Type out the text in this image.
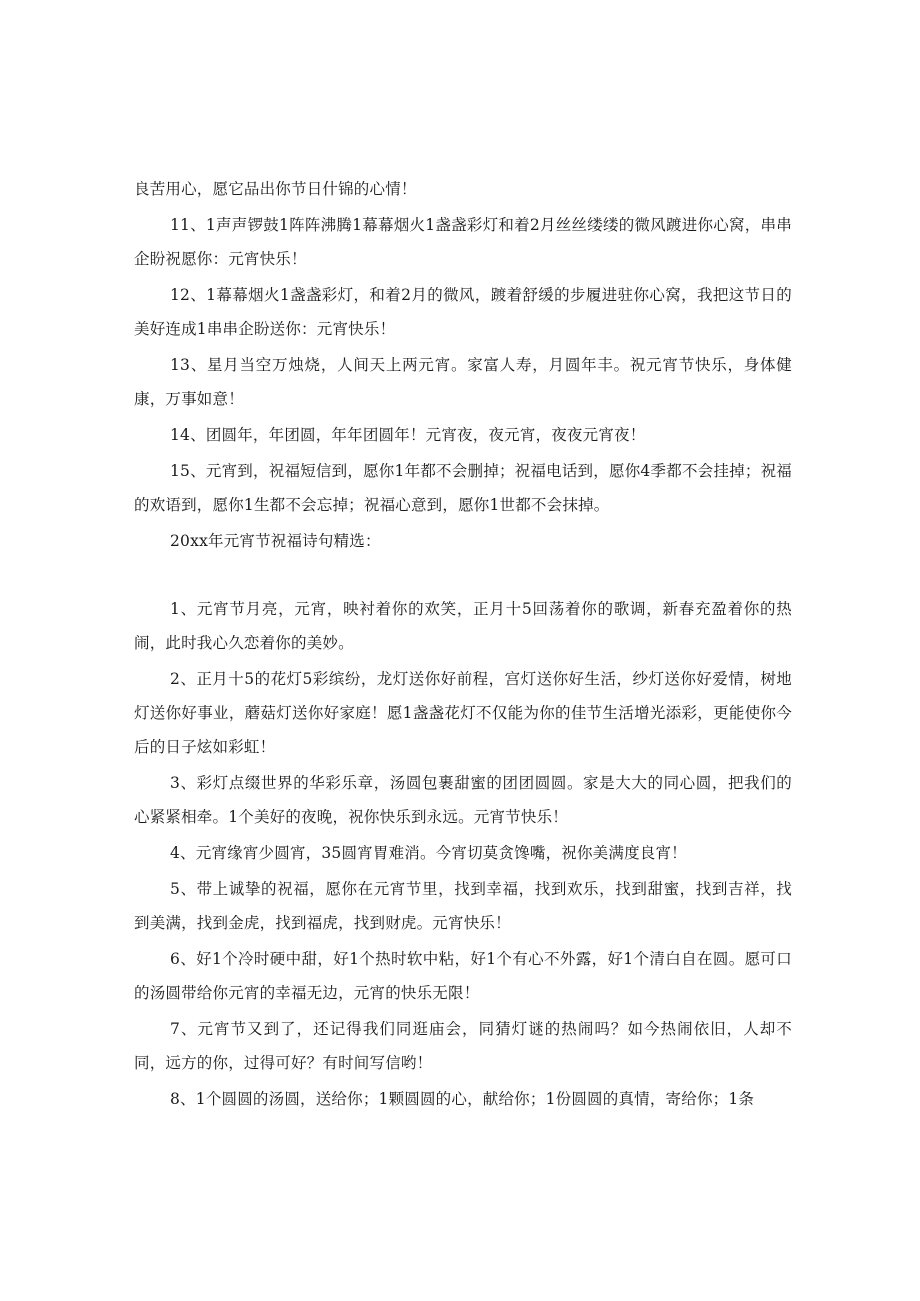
良苦用心，愿它品出你节日什锦的心情！

11、1声声锣鼓1阵阵沸腾1幕幕烟火1盏盏彩灯和着2月丝丝缕缕的微风踱进你心窝，串串企盼祝愿你：元宵快乐！

12、1幕幕烟火1盏盏彩灯，和着2月的微风，踱着舒缓的步履进驻你心窝，我把这节日的美好连成1串串企盼送你：元宵快乐！

13、星月当空万烛烧，人间天上两元宵。家富人寿，月圆年丰。祝元宵节快乐，身体健康，万事如意！

14、团圆年，年团圆，年年团圆年！元宵夜，夜元宵，夜夜元宵夜！

15、元宵到，祝福短信到，愿你1年都不会删掉；祝福电话到，愿你4季都不会挂掉；祝福的欢语到，愿你1生都不会忘掉；祝福心意到，愿你1世都不会抹掉。

20xx年元宵节祝福诗句精选：

1、元宵节月亮，元宵，映衬着你的欢笑，正月十5回荡着你的歌调，新春充盈着你的热闹，此时我心久恋着你的美妙。

2、正月十5的花灯5彩缤纷，龙灯送你好前程，宫灯送你好生活，纱灯送你好爱情，树地灯送你好事业，蘑菇灯送你好家庭！愿1盏盏花灯不仅能为你的佳节生活增光添彩，更能使你今后的日子炫如彩虹！

3、彩灯点缀世界的华彩乐章，汤圆包裹甜蜜的团团圆圆。家是大大的同心圆，把我们的心紧紧相牵。1个美好的夜晚，祝你快乐到永远。元宵节快乐！

4、元宵缘宵少圆宵，35圆宵胃难消。今宵切莫贪馋嘴，祝你美满度良宵！

5、带上诚挚的祝福，愿你在元宵节里，找到幸福，找到欢乐，找到甜蜜，找到吉祥，找到美满，找到金虎，找到福虎，找到财虎。元宵快乐！

6、好1个冷时硬中甜，好1个热时软中粘，好1个有心不外露，好1个清白自在圆。愿可口的汤圆带给你元宵的幸福无边，元宵的快乐无限！

7、元宵节又到了，还记得我们同逛庙会，同猜灯谜的热闹吗？如今热闹依旧，人却不同，远方的你，过得可好？有时间写信哟！

8、1个圆圆的汤圆，送给你；1颗圆圆的心，献给你；1份圆圆的真情，寄给你；1条
